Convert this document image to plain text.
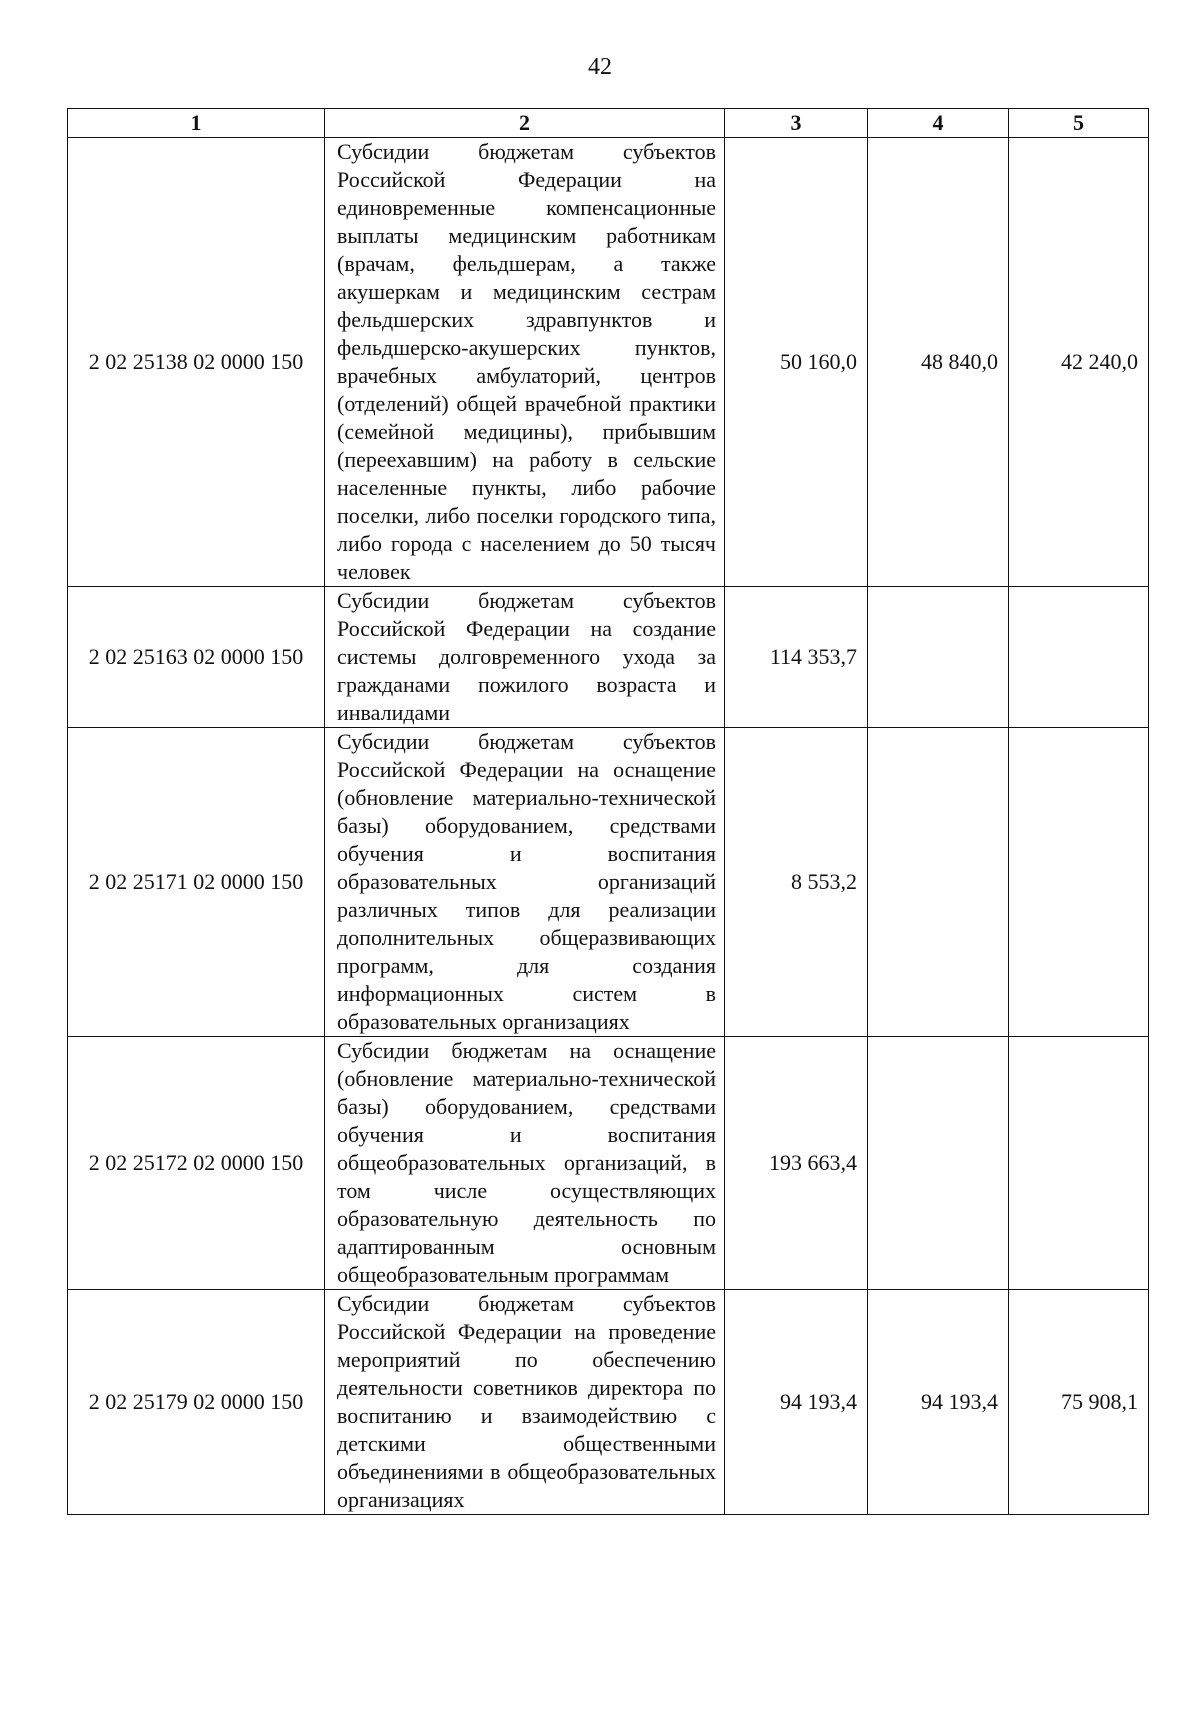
42
1	2	3	4	5
2 02 25138 02 0000 150	Субсидии бюджетам субъектов Российской Федерации на единовременные компенсационные выплаты медицинским работникам (врачам, фельдшерам, а также акушеркам и медицинским сестрам фельдшерских здравпунктов и фельдшерско-акушерских пунктов, врачебных амбулаторий, центров (отделений) общей врачебной практики (семейной медицины), прибывшим (переехавшим) на работу в сельские населенные пункты, либо рабочие поселки, либо поселки городского типа, либо города с населением до 50 тысяч человек	50 160,0	48 840,0	42 240,0
2 02 25163 02 0000 150	Субсидии бюджетам субъектов Российской Федерации на создание системы долговременного ухода за гражданами пожилого возраста и инвалидами	114 353,7		
2 02 25171 02 0000 150	Субсидии бюджетам субъектов Российской Федерации на оснащение (обновление материально-технической базы) оборудованием, средствами обучения и воспитания образовательных организаций различных типов для реализации дополнительных общеразвивающих программ, для создания информационных систем в образовательных организациях	8 553,2		
2 02 25172 02 0000 150	Субсидии бюджетам на оснащение (обновление материально-технической базы) оборудованием, средствами обучения и воспитания общеобразовательных организаций, в том числе осуществляющих образовательную деятельность по адаптированным основным общеобразовательным программам	193 663,4		
2 02 25179 02 0000 150	Субсидии бюджетам субъектов Российской Федерации на проведение мероприятий по обеспечению деятельности советников директора по воспитанию и взаимодействию с детскими общественными объединениями в общеобразовательных организациях	94 193,4	94 193,4	75 908,1
